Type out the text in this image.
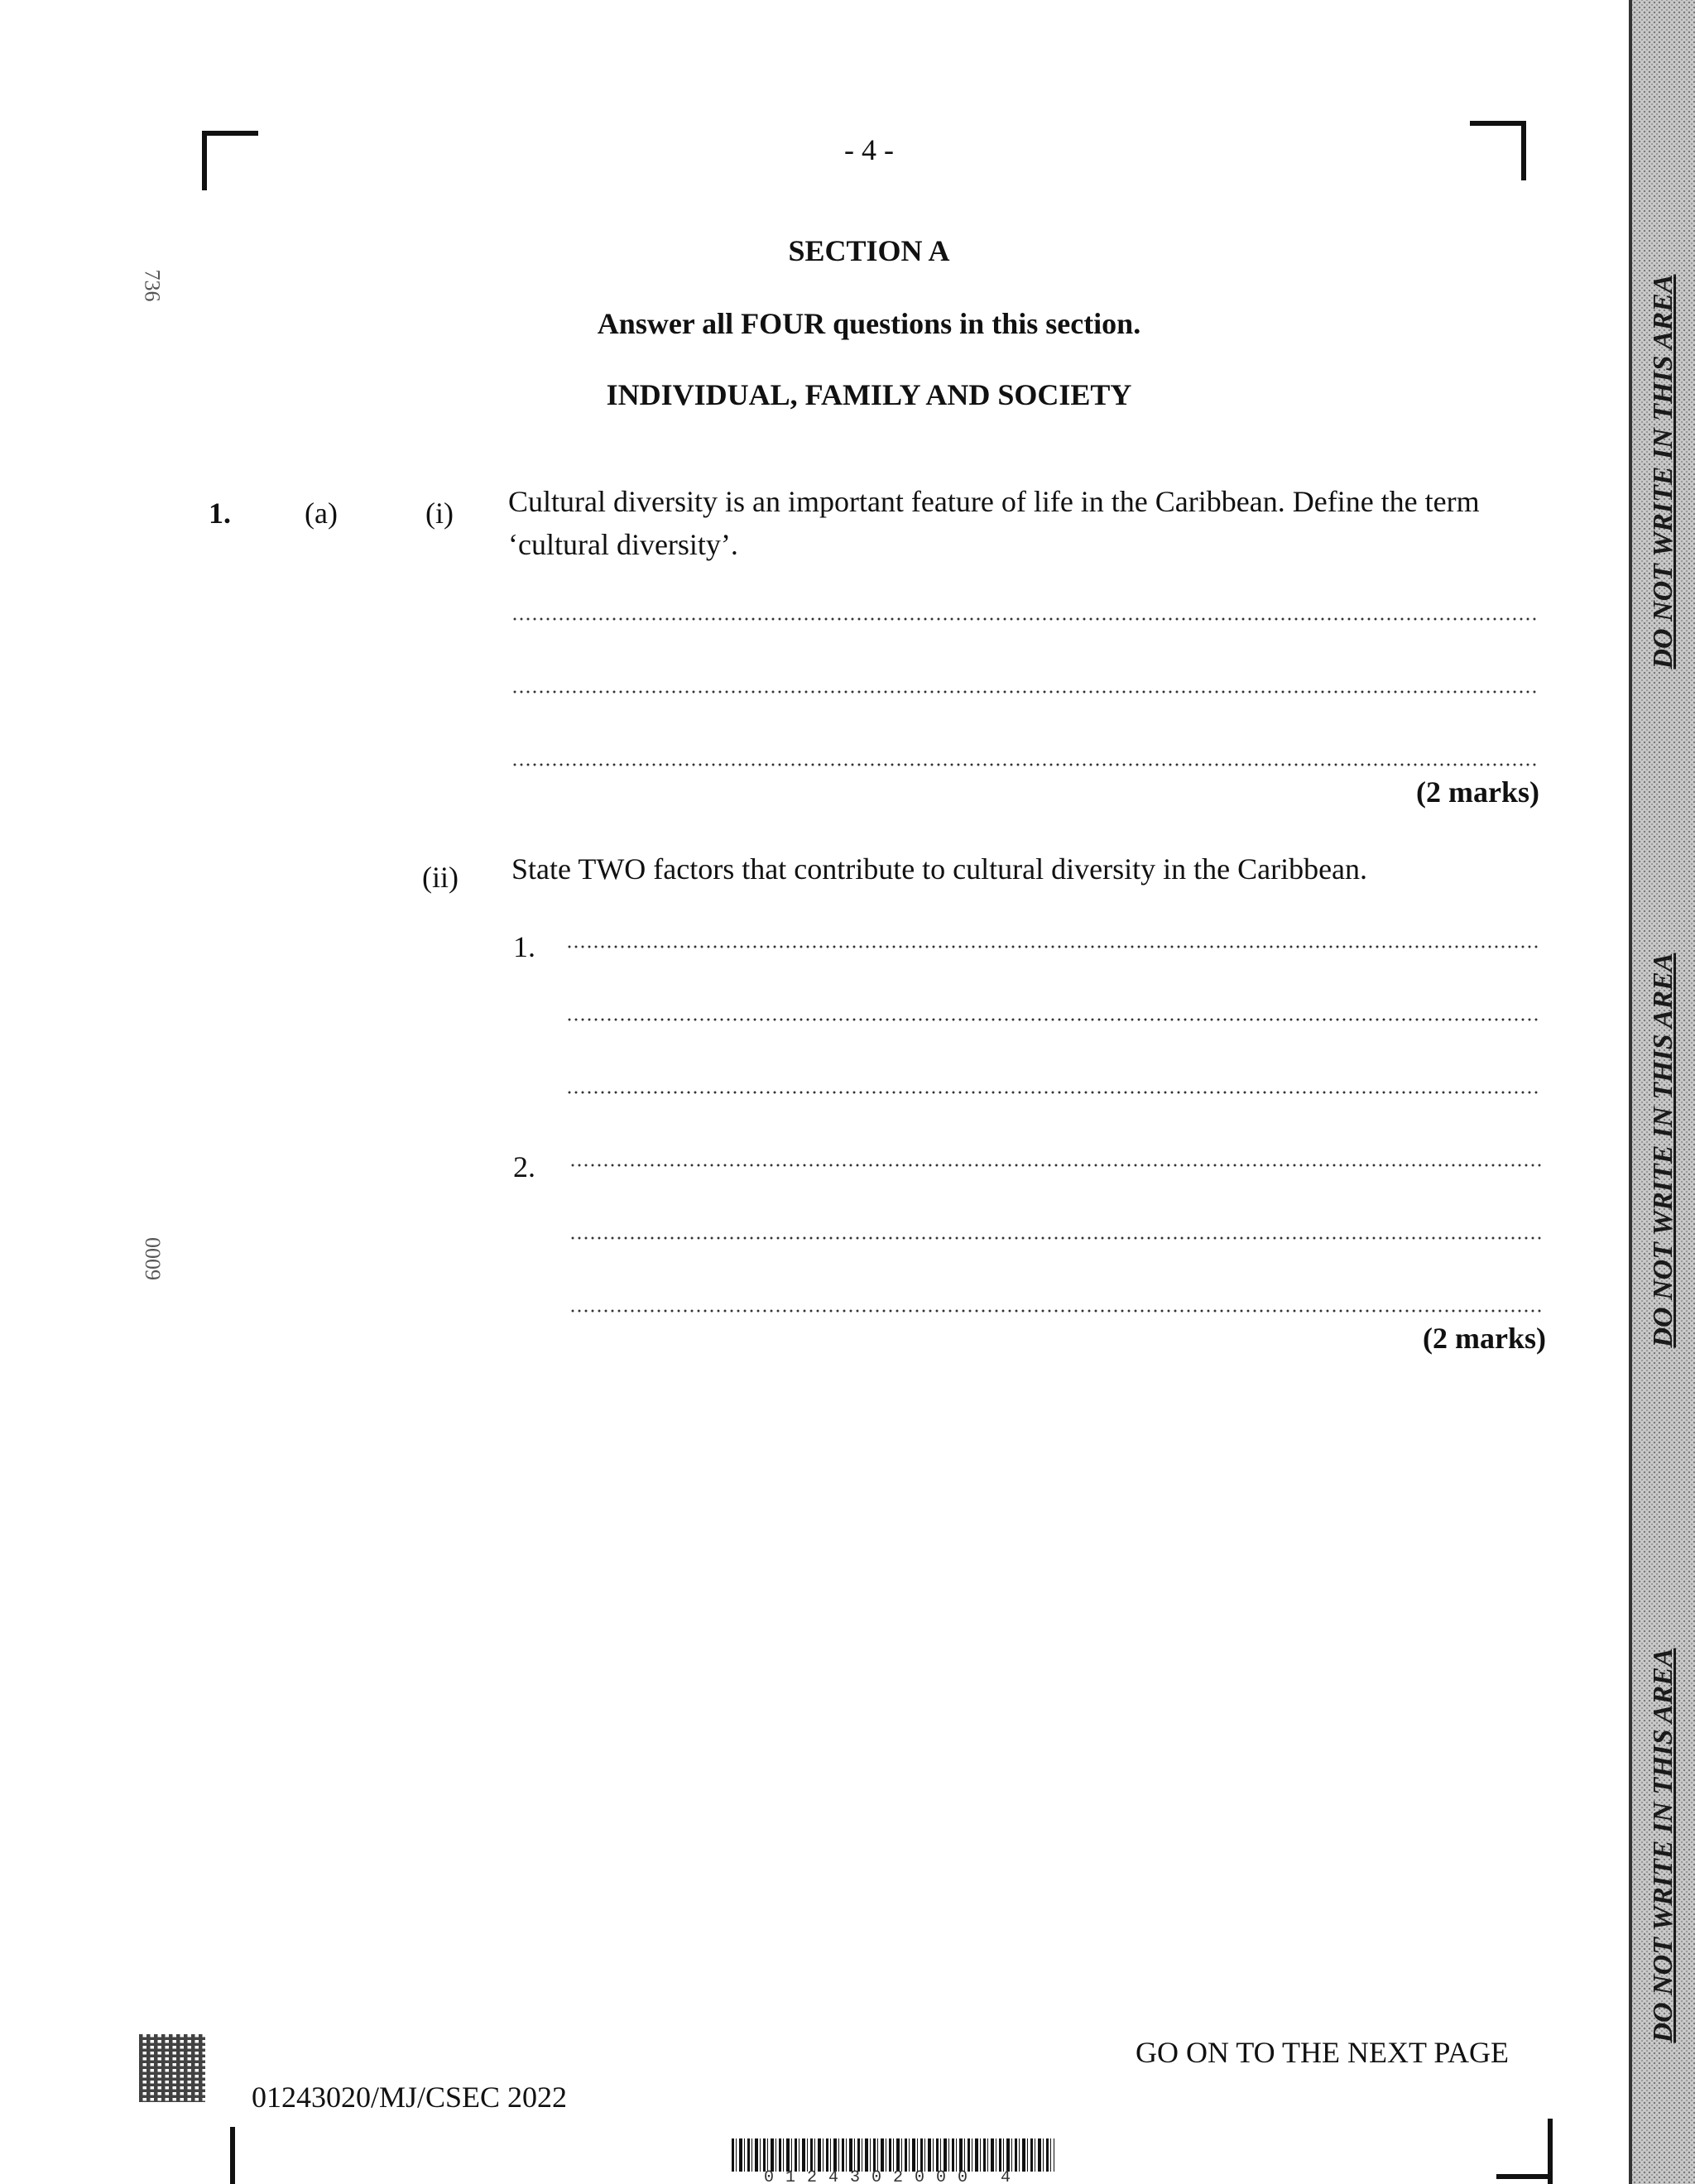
- 4 -
SECTION A
Answer all FOUR questions in this section.
INDIVIDUAL, FAMILY AND SOCIETY
1. (a)	(i) Cultural diversity is an important feature of life in the Caribbean. Define the term
‘cultural diversity’.
(2 marks)
(ii) State TWO factors that contribute to cultural diversity in the Caribbean.
1.
2.
(2 marks)
736
0009
DO NOT WRITE IN THIS AREA
DO NOT WRITE IN THIS AREA
DO NOT WRITE IN THIS AREA
GO ON TO THE NEXT PAGE
01243020/MJ/CSEC 2022
0124302000 4
